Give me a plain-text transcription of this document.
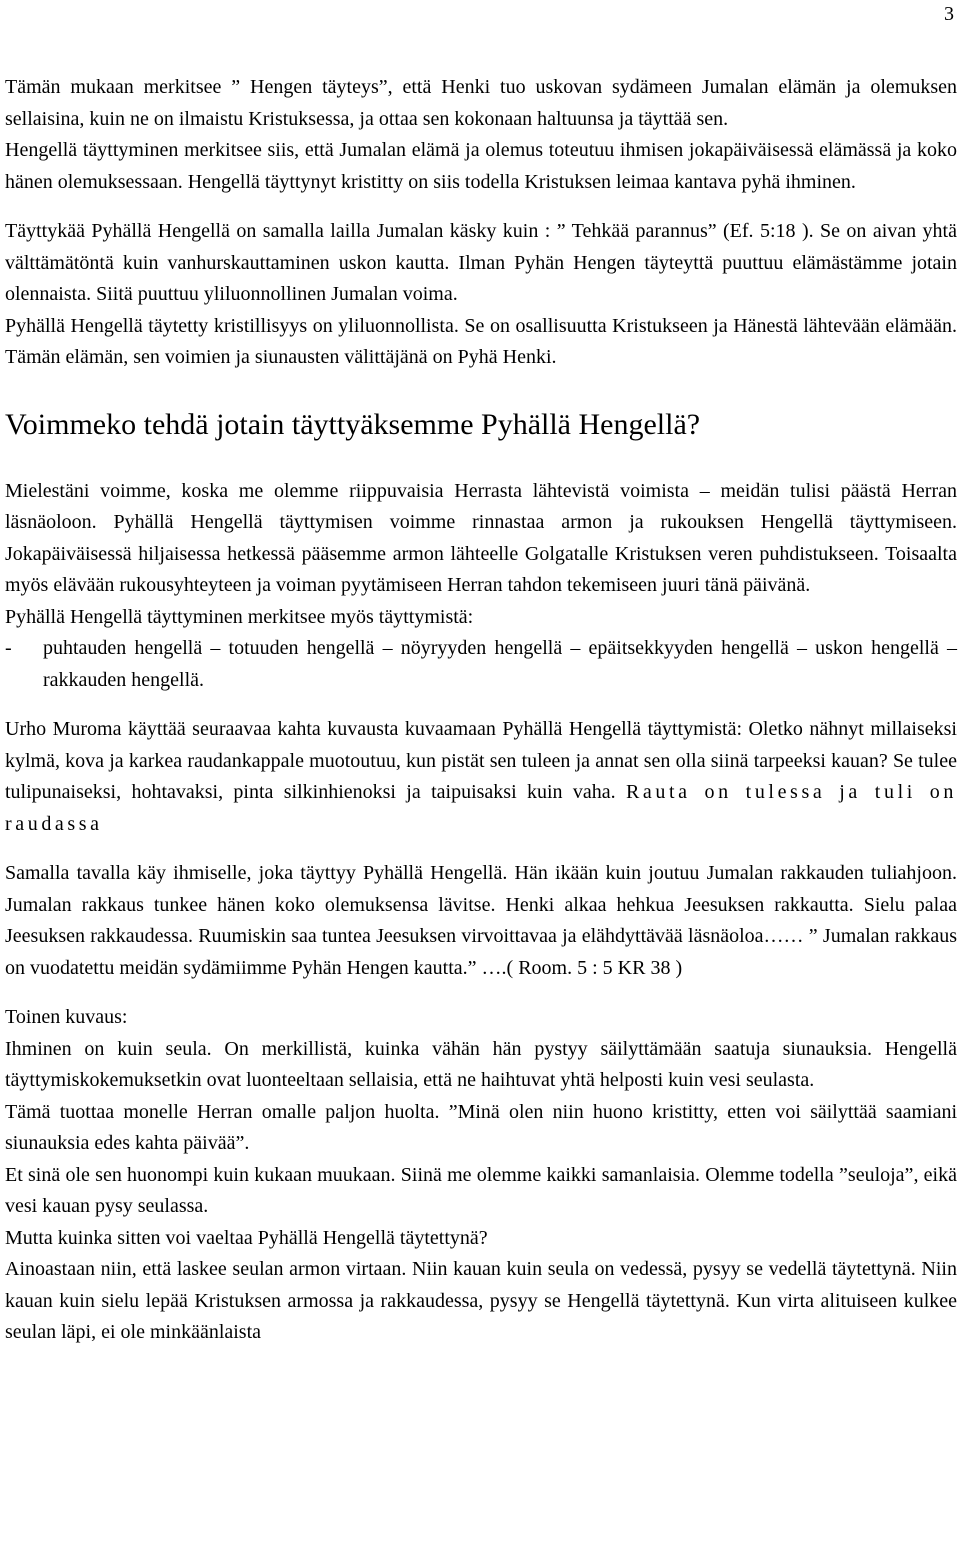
3

Tämän mukaan merkitsee ” Hengen täyteys”, että Henki tuo uskovan sydämeen Jumalan elämän ja olemuksen sellaisina, kuin ne on ilmaistu Kristuksessa, ja ottaa sen kokonaan haltuunsa ja täyttää sen.

Hengellä täyttyminen merkitsee siis, että Jumalan elämä ja olemus toteutuu ihmisen jokapäiväisessä elämässä ja koko hänen olemuksessaan. Hengellä täyttynyt kristitty on siis todella Kristuksen leimaa kantava pyhä ihminen.

Täyttykää Pyhällä Hengellä on samalla lailla Jumalan käsky kuin : ” Tehkää parannus” (Ef. 5:18 ). Se on aivan yhtä välttämätöntä kuin vanhurskauttaminen uskon kautta. Ilman Pyhän Hengen täyteyttä puuttuu elämästämme jotain olennaista. Siitä puuttuu yliluonnollinen Jumalan voima.

Pyhällä Hengellä täytetty kristillisyys on yliluonnollista. Se on osallisuutta Kristukseen ja Hänestä lähtevään elämään. Tämän elämän, sen voimien ja siunausten välittäjänä on Pyhä Henki.

Voimmeko tehdä jotain täyttyäksemme Pyhällä Hengellä?

Mielestäni voimme, koska me olemme riippuvaisia Herrasta lähtevistä voimista – meidän tulisi päästä Herran läsnäoloon. Pyhällä Hengellä täyttymisen voimme rinnastaa armon ja rukouksen Hengellä täyttymiseen. Jokapäiväisessä hiljaisessa hetkessä pääsemme armon lähteelle Golgatalle Kristuksen veren puhdistukseen. Toisaalta myös elävään rukousyhteyteen ja voiman pyytämiseen Herran tahdon tekemiseen juuri tänä päivänä.

Pyhällä Hengellä täyttyminen merkitsee myös täyttymistä:

-	puhtauden hengellä – totuuden hengellä – nöyryyden hengellä – epäitsekkyyden hengellä – uskon hengellä – rakkauden hengellä.

Urho Muroma käyttää seuraavaa kahta kuvausta kuvaamaan Pyhällä Hengellä täyttymistä: Oletko nähnyt millaiseksi kylmä, kova ja karkea raudankappale muotoutuu, kun pistät sen tuleen ja annat sen olla siinä tarpeeksi kauan? Se tulee tulipunaiseksi, hohtavaksi, pinta silkinhienoksi ja taipuisaksi kuin vaha. Rauta on tulessa ja tuli on raudassa

Samalla tavalla käy ihmiselle, joka täyttyy Pyhällä Hengellä. Hän ikään kuin joutuu Jumalan rakkauden tuliahjoon. Jumalan rakkaus tunkee hänen koko olemuksensa lävitse. Henki alkaa hehkua Jeesuksen rakkautta. Sielu palaa Jeesuksen rakkaudessa. Ruumiskin saa tuntea Jeesuksen virvoittavaa ja elähdyttävää läsnäoloa…… ” Jumalan rakkaus on vuodatettu meidän sydämiimme Pyhän Hengen kautta.” ….( Room. 5 : 5 KR 38 )

Toinen kuvaus:

Ihminen on kuin seula. On merkillistä, kuinka vähän hän pystyy säilyttämään saatuja siunauksia. Hengellä täyttymiskokemuksetkin ovat luonteeltaan sellaisia, että ne haihtuvat yhtä helposti kuin vesi seulasta.

Tämä tuottaa monelle Herran omalle paljon huolta. ”Minä olen niin huono kristitty, etten voi säilyttää saamiani siunauksia edes kahta päivää”.

Et sinä ole sen huonompi kuin kukaan muukaan. Siinä me olemme kaikki samanlaisia. Olemme todella ”seuloja”, eikä vesi kauan pysy seulassa.

Mutta kuinka sitten voi vaeltaa Pyhällä Hengellä täytettynä?

Ainoastaan niin, että laskee seulan armon virtaan. Niin kauan kuin seula on vedessä, pysyy se vedellä täytettynä. Niin kauan kuin sielu lepää Kristuksen armossa ja rakkaudessa, pysyy se Hengellä täytettynä. Kun virta alituiseen kulkee seulan läpi, ei ole minkäänlaista
